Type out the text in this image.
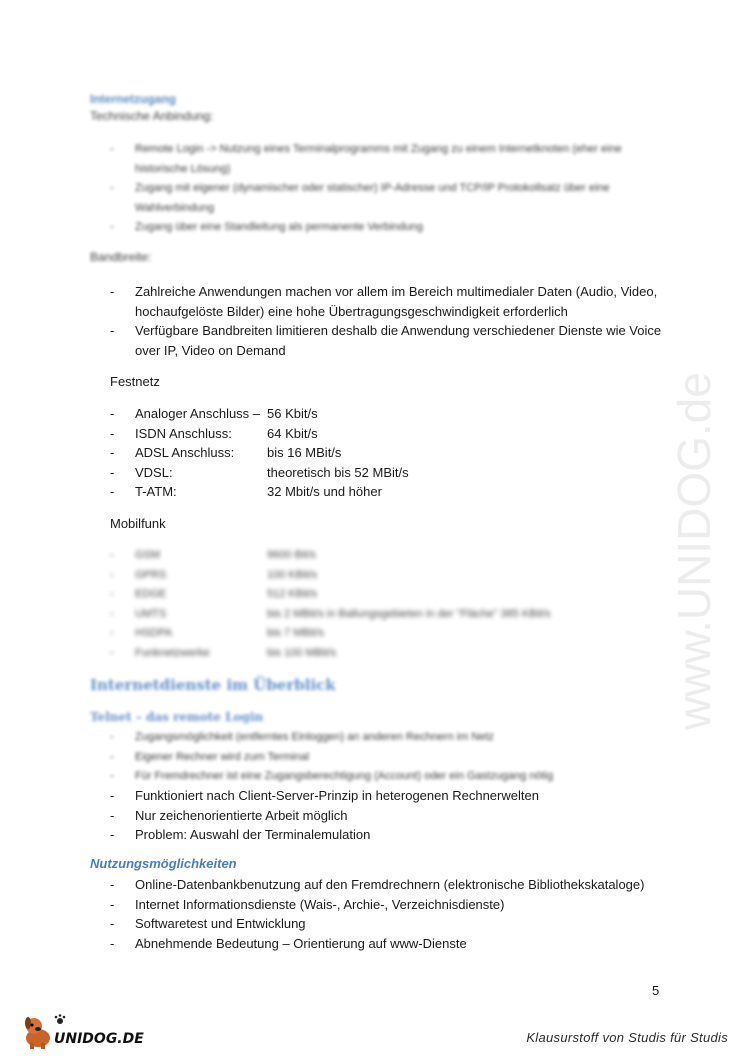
Internetzugang
Technische Anbindung:
- Remote Login -> Nutzung eines Terminalprogramms mit Zugang zu einem Internetknoten (eher eine historische Lösung)
- Zugang mit eigener (dynamischer oder statischer) IP-Adresse und TCP/IP Protokollsatz über eine Wahlverbindung
- Zugang über eine Standleitung als permanente Verbindung
Bandbreite:
- Zahlreiche Anwendungen machen vor allem im Bereich multimedialer Daten (Audio, Video, hochaufgelöste Bilder) eine hohe Übertragungsgeschwindigkeit erforderlich
- Verfügbare Bandbreiten limitieren deshalb die Anwendung verschiedener Dienste wie Voice over IP, Video on Demand
Festnetz
- Analoger Anschluss – 56 Kbit/s
- ISDN Anschluss:	64 Kbit/s
- ADSL Anschluss:	bis 16 MBit/s
- VDSL:	theoretisch bis 52 MBit/s
- T-ATM:	32 Mbit/s und höher
Mobilfunk
- GSM	9600 Bit/s
- GPRS	100 KBit/s
- EDGE	512 KBit/s
- UMTS	bis 2 MBit/s in Ballungsgebieten in der "Fläche" 385 KBit/s
- HSDPA	bis 7 MBit/s
- Funknetzwerke	bis 100 MBit/s
Internetdienste im Überblick
Telnet – das remote Login
- Zugangsmöglichkeit (entferntes Einloggen) an anderen Rechnern im Netz
- Eigener Rechner wird zum Terminal
- Für Fremdrechner ist eine Zugangsberechtigung (Account) oder ein Gastzugang nötig
- Funktioniert nach Client-Server-Prinzip in heterogenen Rechnerwelten
- Nur zeichenorientierte Arbeit möglich
- Problem: Auswahl der Terminalemulation
Nutzungsmöglichkeiten
- Online-Datenbankbenutzung auf den Fremdrechnern (elektronische Bibliothekskataloge)
- Internet Informationsdienste (Wais-, Archie-, Verzeichnisdienste)
- Softwaretest und Entwicklung
- Abnehmende Bedeutung – Orientierung auf www-Dienste
5
www.UNIDOG.de
UNIDOG.DE	Klausurstoff von Studis für Studis
